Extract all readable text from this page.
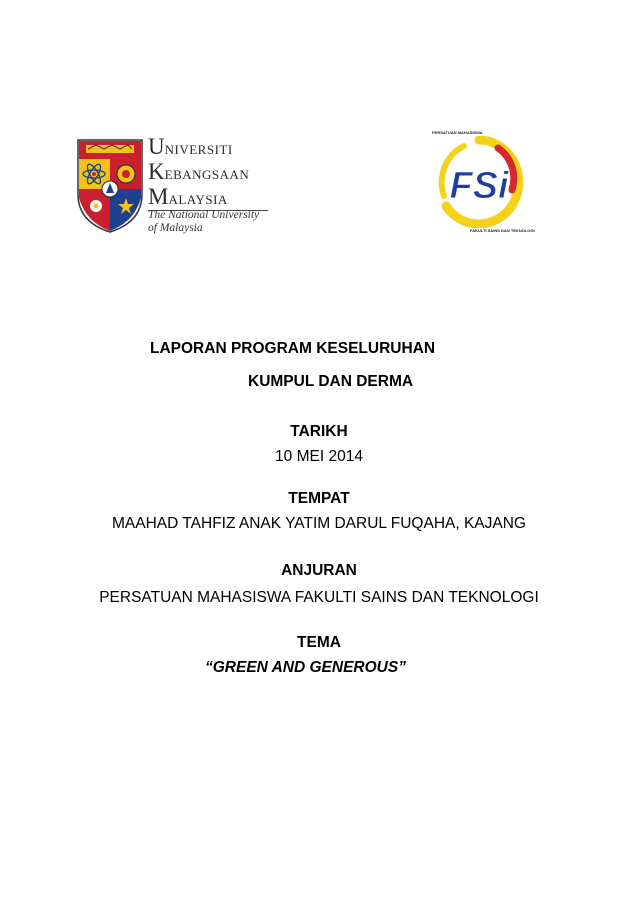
UNIVERSITI
KEBANGSAAN
MALAYSIA
The National University
of Malaysia
PERSATUAN MAHASISWA
FSi
FAKULTI SAINS DAN TEKNOLOGI
LAPORAN PROGRAM KESELURUHAN
KUMPUL DAN DERMA
TARIKH
10 MEI 2014
TEMPAT
MAAHAD TAHFIZ ANAK YATIM DARUL FUQAHA, KAJANG
ANJURAN
PERSATUAN MAHASISWA FAKULTI SAINS DAN TEKNOLOGI
TEMA
“GREEN AND GENEROUS”
